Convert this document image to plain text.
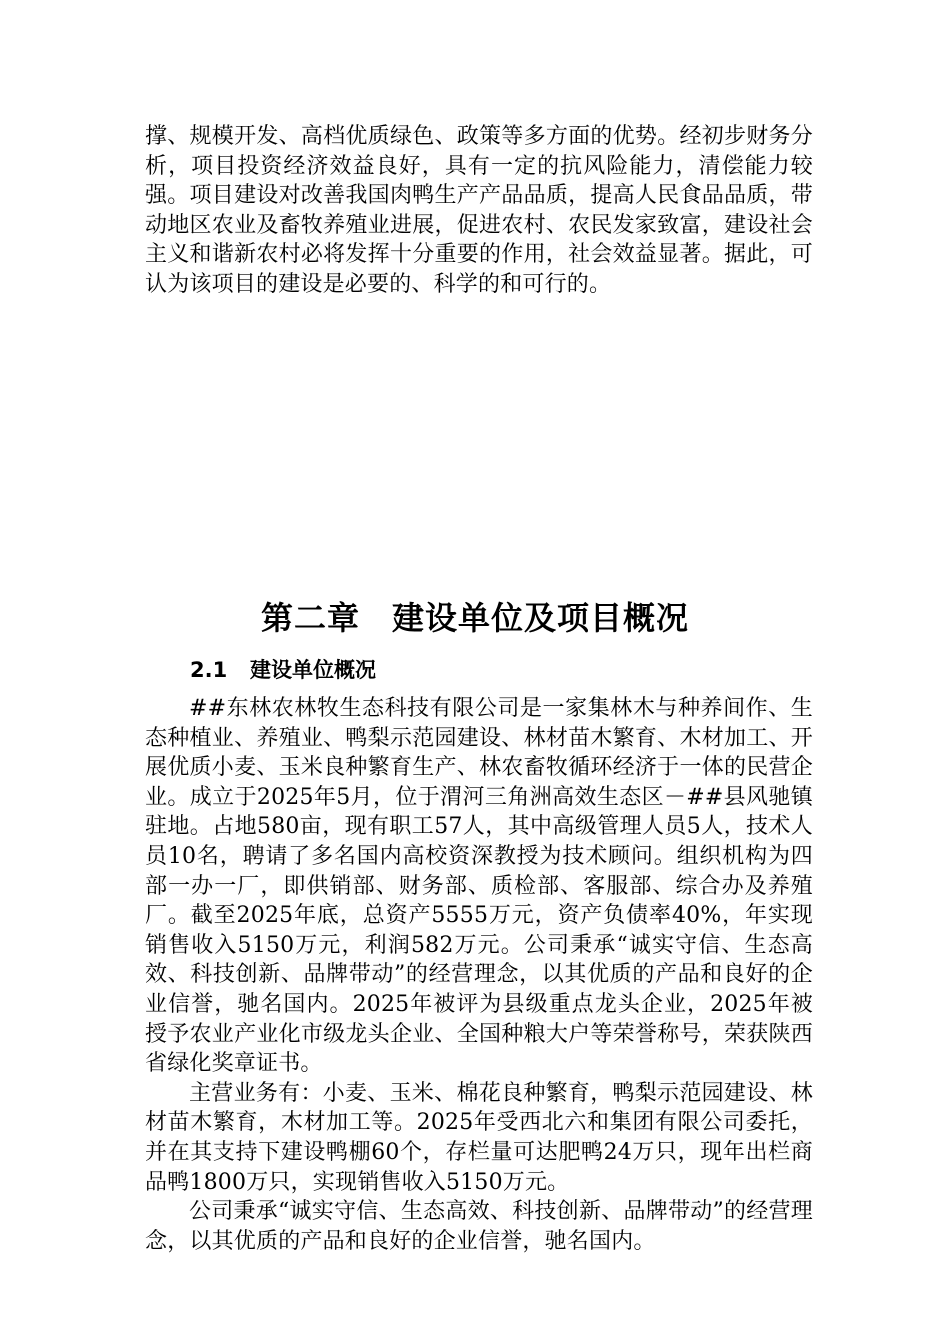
撑、规模开发、高档优质绿色、政策等多方面的优势。经初步财务分析，项目投资经济效益良好，具有一定的抗风险能力，清偿能力较强。项目建设对改善我国肉鸭生产产品品质，提高人民食品品质，带动地区农业及畜牧养殖业进展，促进农村、农民发家致富，建设社会主义和谐新农村必将发挥十分重要的作用，社会效益显著。据此，可认为该项目的建设是必要的、科学的和可行的。

第二章 建设单位及项目概况
2.1 建设单位概况

##东林农林牧生态科技有限公司是一家集林木与种养间作、生态种植业、养殖业、鸭梨示范园建设、林材苗木繁育、木材加工、开展优质小麦、玉米良种繁育生产、林农畜牧循环经济于一体的民营企业。成立于2025年5月，位于渭河三角洲高效生态区－##县风驰镇驻地。占地580亩，现有职工57人，其中高级管理人员5人，技术人员10名，聘请了多名国内高校资深教授为技术顾问。组织机构为四部一办一厂，即供销部、财务部、质检部、客服部、综合办及养殖厂。截至2025年底，总资产5555万元，资产负债率40%，年实现销售收入5150万元，利润582万元。公司秉承“诚实守信、生态高效、科技创新、品牌带动”的经营理念，以其优质的产品和良好的企业信誉，驰名国内。2025年被评为县级重点龙头企业，2025年被授予农业产业化市级龙头企业、全国种粮大户等荣誉称号，荣获陕西省绿化奖章证书。

主营业务有：小麦、玉米、棉花良种繁育，鸭梨示范园建设、林材苗木繁育，木材加工等。2025年受西北六和集团有限公司委托，并在其支持下建设鸭棚60个，存栏量可达肥鸭24万只，现年出栏商品鸭1800万只，实现销售收入5150万元。

公司秉承“诚实守信、生态高效、科技创新、品牌带动”的经营理念，以其优质的产品和良好的企业信誉，驰名国内。
